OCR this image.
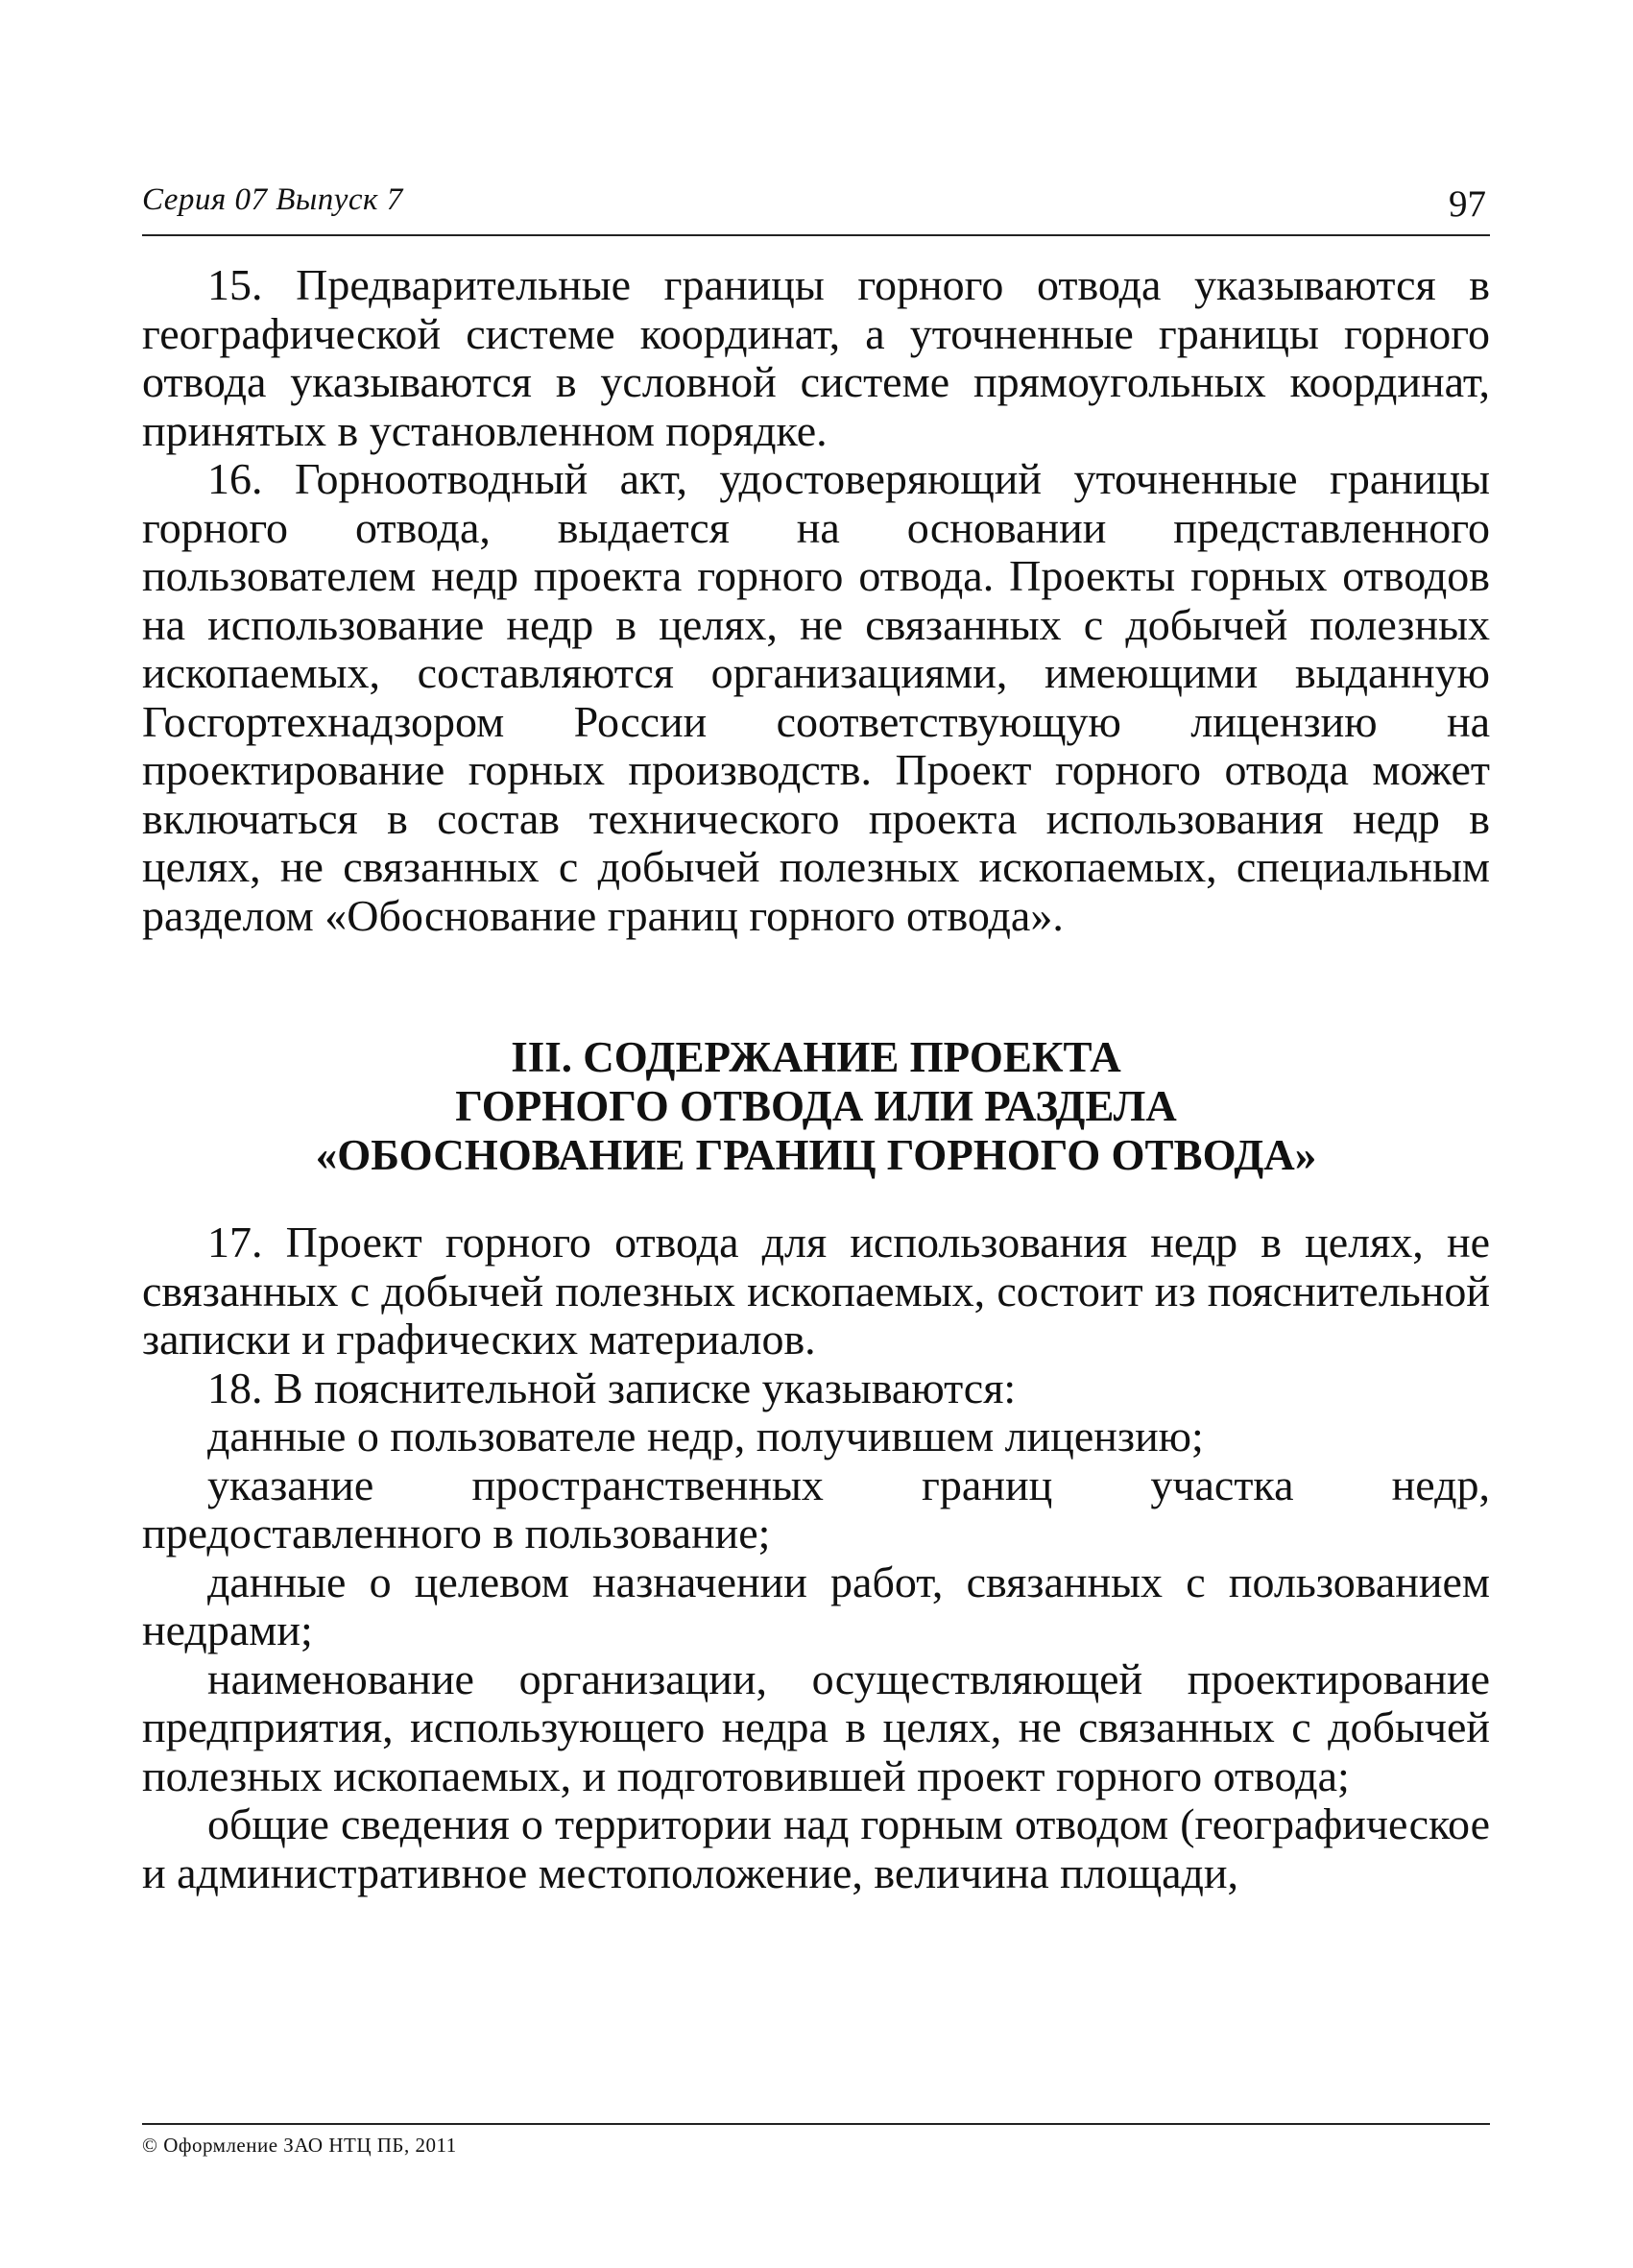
Серия 07 Выпуск 7	97

15. Предварительные границы горного отвода указываются в географической системе координат, а уточненные границы горного отвода указываются в условной системе прямоугольных координат, принятых в установленном порядке.

16. Горноотводный акт, удостоверяющий уточненные границы горного отвода, выдается на основании представленного пользователем недр проекта горного отвода. Проекты горных отводов на использование недр в целях, не связанных с добычей полезных ископаемых, составляются организациями, имеющими выданную Госгортехнадзором России соответствующую лицензию на проектирование горных производств. Проект горного отвода может включаться в состав технического проекта использования недр в целях, не связанных с добычей полезных ископаемых, специальным разделом «Обоснование границ горного отвода».

III. СОДЕРЖАНИЕ ПРОЕКТА
ГОРНОГО ОТВОДА ИЛИ РАЗДЕЛА
«ОБОСНОВАНИЕ ГРАНИЦ ГОРНОГО ОТВОДА»

17. Проект горного отвода для использования недр в целях, не связанных с добычей полезных ископаемых, состоит из пояснительной записки и графических материалов.

18. В пояснительной записке указываются:

данные о пользователе недр, получившем лицензию;

указание пространственных границ участка недр, предоставленного в пользование;

данные о целевом назначении работ, связанных с пользованием недрами;

наименование организации, осуществляющей проектирование предприятия, использующего недра в целях, не связанных с добычей полезных ископаемых, и подготовившей проект горного отвода;

общие сведения о территории над горным отводом (географическое и административное местоположение, величина площади,

© Оформление ЗАО НТЦ ПБ, 2011
